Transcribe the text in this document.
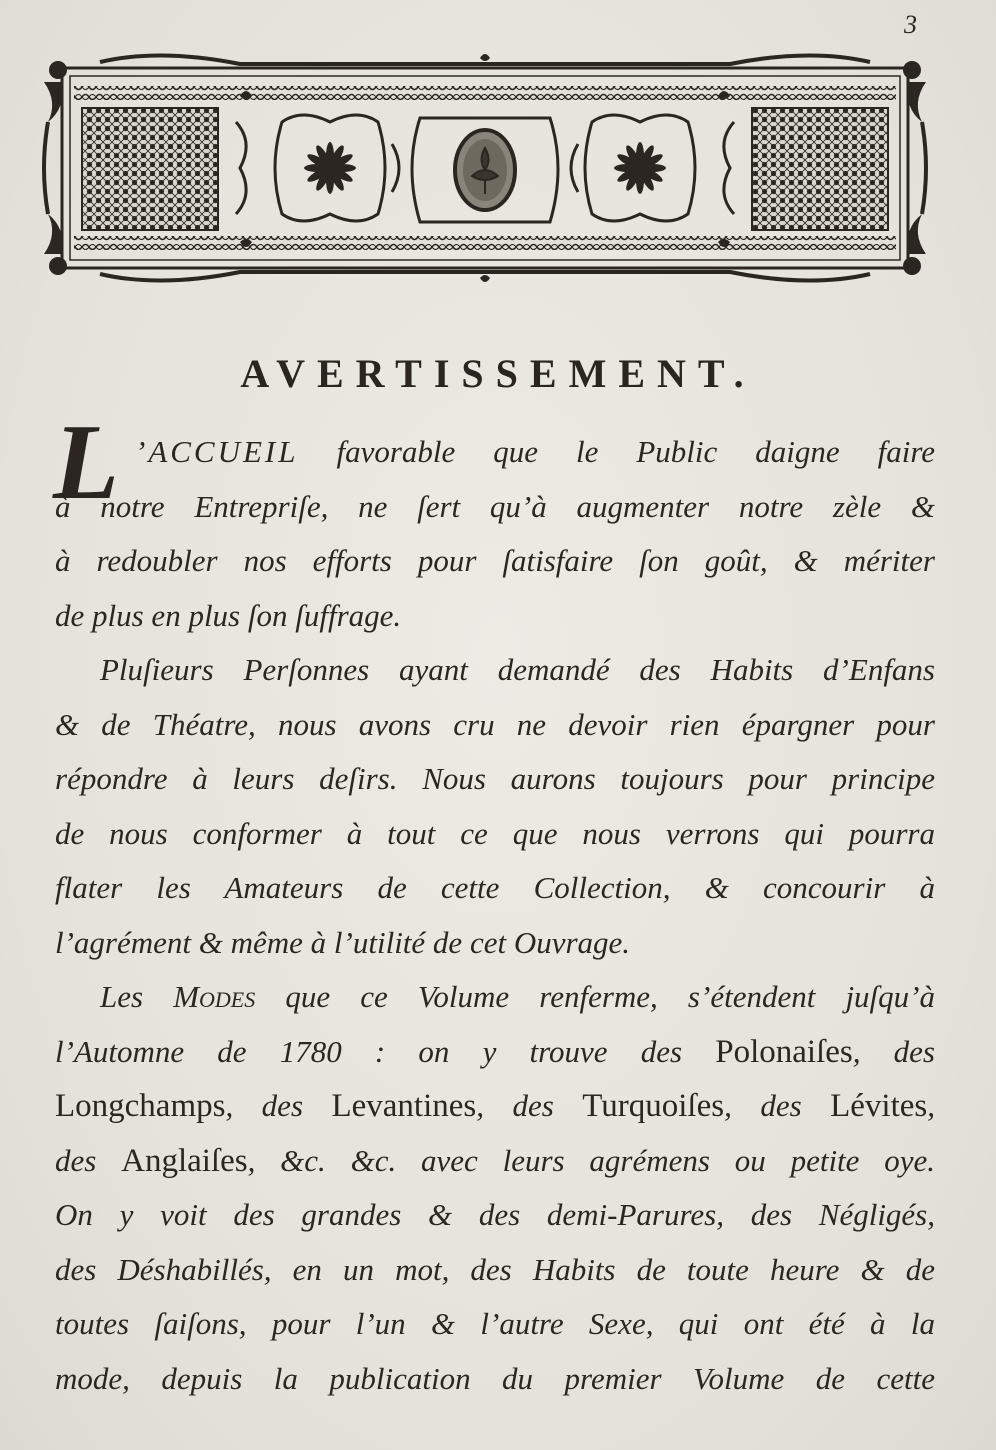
3
AVERTISSEMENT.
L ’ACCUEIL favorable que le Public daigne faire
à notre Entrepriſe, ne ſert qu’à augmenter notre zèle &
à redoubler nos efforts pour ſatisfaire ſon goût, & mériter
de plus en plus ſon ſuffrage.
Pluſieurs Perſonnes ayant demandé des Habits d’Enfans
& de Théatre, nous avons cru ne devoir rien épargner pour
répondre à leurs deſirs. Nous aurons toujours pour principe
de nous conformer à tout ce que nous verrons qui pourra
flater les Amateurs de cette Collection, & concourir à
l’agrément & même à l’utilité de cet Ouvrage.
Les Modes que ce Volume renferme, s’étendent juſqu’à
l’Automne de 1780 : on y trouve des Polonaiſes, des
Longchamps, des Levantines, des Turquoiſes, des Lévites,
des Anglaiſes, &c. &c. avec leurs agrémens ou petite oye.
On y voit des grandes & des demi-Parures, des Négligés,
des Déshabillés, en un mot, des Habits de toute heure & de
toutes ſaiſons, pour l’un & l’autre Sexe, qui ont été à la
mode, depuis la publication du premier Volume de cette
